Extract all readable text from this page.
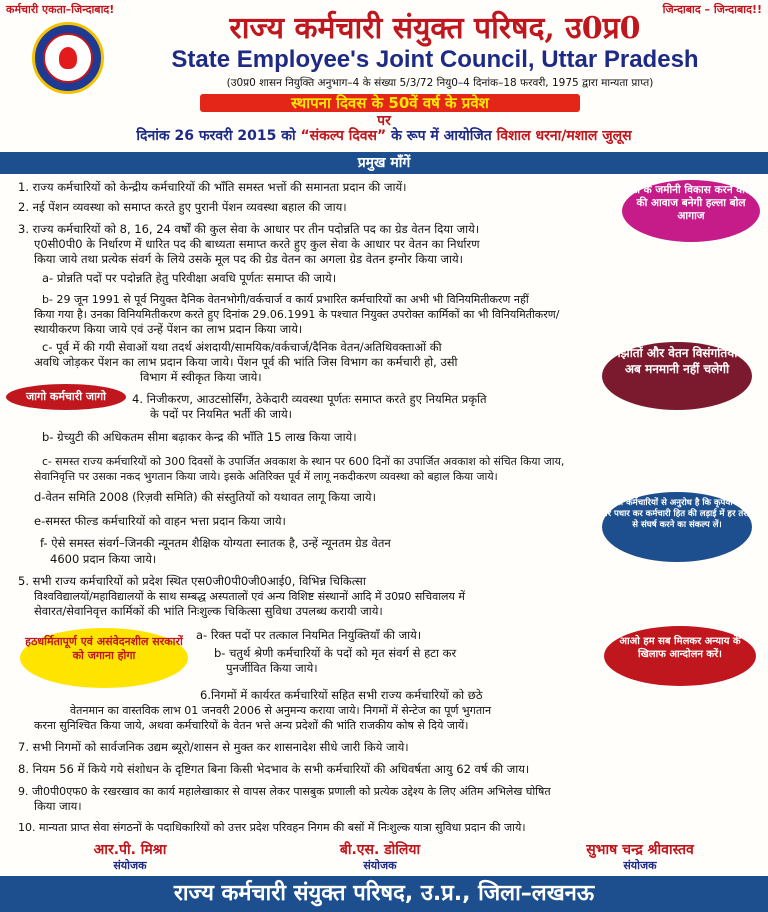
कर्मचारी एकता–जिन्दाबाद!	जिन्दाबाद – जिन्दाबाद!!
राज्य कर्मचारी संयुक्त परिषद, उ0प्र0
State Employee's Joint Council, Uttar Pradesh
(उ0प्र0 शासन नियुक्ति अनुभाग–4 के संख्या 5/3/72 नियु0–4 दिनांक–18 फरवरी, 1975 द्वारा मान्यता प्राप्त)
स्थापना दिवस के 50वें वर्ष के प्रवेश
पर
दिनांक 26 फरवरी 2015 को “संकल्प दिवस” के रूप में आयोजित विशाल धरना/मशाल जुलूस
प्रमुख मॉंगें
1. राज्य कर्मचारियों को केन्द्रीय कर्मचारियों की भाँति समस्त भत्तों की समानता प्रदान की जायें।
2. नई पेंशन व्यवस्था को समाप्त करते हुए पुरानी पेंशन व्यवस्था बहाल की जाय।
3. राज्य कर्मचारियों को 8, 16, 24 वर्षों की कुल सेवा के आधार पर तीन पदोन्नति पद का ग्रेड वेतन दिया जाये।
ए0सी0पी0 के निर्धारण में धारित पद की बाध्यता समाप्त करते हुए कुल सेवा के आधार पर वेतन का निर्धारण
किया जाये तथा प्रत्येक संवर्ग के लिये उसके मूल पद की ग्रेड वेतन का अगला ग्रेड वेतन इग्नोर किया जाये।
a- प्रोन्नति पदों पर पदोन्नति हेतु परिवीक्षा अवधि पूर्णतः समाप्त की जाये।
b- 29 जून 1991 से पूर्व नियुक्त दैनिक वेतनभोगी/वर्कचार्ज व कार्य प्रभारित कर्मचारियों का अभी भी विनियमितीकरण नहीं
किया गया है। उनका विनियमितीकरण करते हुए दिनांक 29.06.1991 के पश्चात नियुक्त उपरोक्त कार्मिकों का भी विनियमितीकरण/
स्थायीकरण किया जाये एवं उन्हें पेंशन का लाभ प्रदान किया जाये।
c- पूर्व में की गयी सेवाओं यथा तदर्थ अंशदायी/सामयिक/वर्कचार्ज/दैनिक वेतन/अतिथिवक्ताओं की
अवधि जोड़कर पेंशन का लाभ प्रदान किया जाये। पेंशन पूर्व की भांति जिस विभाग का कर्मचारी हो, उसी
विभाग में स्वीकृत किया जाये।
4. निजीकरण, आउटसोर्सिंग, ठेकेदारी व्यवस्था पूर्णतः समाप्त करते हुए नियमित प्रकृति
के पदों पर नियमित भर्ती की जाये।
b- ग्रेच्युटी की अधिकतम सीमा बढ़ाकर केन्द्र की भाँति 15 लाख किया जाये।
c- समस्त राज्य कर्मचारियों को 300 दिवसों के उपार्जित अवकाश के स्थान पर 600 दिनों का उपार्जित अवकाश को संचित किया जाय,
सेवानिवृत्ति पर उसका नकद भुगतान किया जाये। इसके अतिरिक्त पूर्व में लागू नकदीकरण व्यवस्था को बहाल किया जाये।
d-वेतन समिति 2008 (रिज़वी समिति) की संस्तुतियों को यथावत लागू किया जाये।
e-समस्त फील्ड कर्मचारियों को वाहन भत्ता प्रदान किया जाये।
f- ऐसे समस्त संवर्ग–जिनकी न्यूनतम शैक्षिक योग्यता स्नातक है, उन्हें न्यूनतम ग्रेड वेतन
4600 प्रदान किया जाये।
5. सभी राज्य कर्मचारियों को प्रदेश स्थित एस0जी0पी0जी0आई0, विभिन्न चिकित्सा
विश्वविद्यालयों/महाविद्यालयों के साथ सम्बद्ध अस्पतालों एवं अन्य विशिष्ट संस्थानों आदि में उ0प्र0 सचिवालय में
सेवारत/सेवानिवृत्त कार्मिकों की भांति निःशुल्क चिकित्सा सुविधा उपलब्ध करायी जाये।
a- रिक्त पदों पर तत्काल नियमित नियुक्तियाँ की जाये।
b- चतुर्थ श्रेणी कर्मचारियों के पदों को मृत संवर्ग से हटा कर
पुनर्जीवित किया जाये।
6.निगमों में कार्यरत कर्मचारियों सहित सभी राज्य कर्मचारियों को छठे
वेतनमान का वास्तविक लाभ 01 जनवरी 2006 से अनुमन्य कराया जाये। निगमों में सेन्टेज का पूर्ण भुगतान
करना सुनिश्चित किया जाये, अथवा कर्मचारियों के वेतन भत्ते अन्य प्रदेशों की भांति राजकीय कोष से दिये जायें।
7. सभी निगमों को सार्वजनिक उद्यम ब्यूरो/शासन से मुक्त कर शासनादेश सीधे जारी किये जाये।
8. नियम 56 में किये गये संशोधन के दृष्टिगत बिना किसी भेदभाव के सभी कर्मचारियों की अधिवर्षता आयु 62 वर्ष की जाय।
9. जी0पी0एफ0 के रखरखाव का कार्य महालेखाकार से वापस लेकर पासबुक प्रणाली को प्रत्येक उद्देश्य के लिए अंतिम अभिलेख घोषित
किया जाय।
10. मान्यता प्राप्त सेवा संगठनों के पदाधिकारियों को उत्तर प्रदेश परिवहन निगम की बसों में निःशुल्क यात्रा सुविधा प्रदान की जाये।
देश के जमीनी विकास करने वालो की आवाज बनेगी हल्ला बोल आगाज
समझौतों और वेतन विसंगतियों में अब मनमानी नहीं चलेगी
जागो कर्मचारी जागो
समस्त कर्मचारियों से अनुरोध है कि कृपया स्थल पर पधार कर कर्मचारी हित की लड़ाई में हर तरह से संघर्ष करने का संकल्प लें।
हठधर्मितापूर्ण एवं असंवेदनशील सरकारों को जगाना होगा
आओ हम सब मिलकर अन्याय के खिलाफ आन्दोलन करें।
आर.पी. मिश्रा
संयोजक
बी.एस. डोलिया
संयोजक
सुभाष चन्द्र श्रीवास्तव
संयोजक
राज्य कर्मचारी संयुक्त परिषद, उ.प्र., जिला–लखनऊ
